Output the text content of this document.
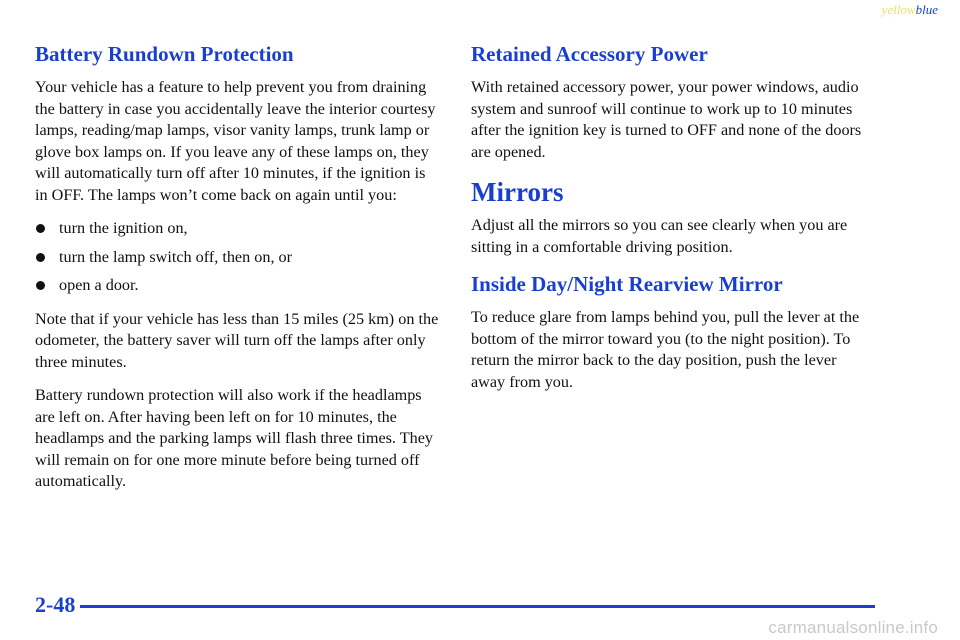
yellowblue
Battery Rundown Protection

Your vehicle has a feature to help prevent you from draining the battery in case you accidentally leave the interior courtesy lamps, reading/map lamps, visor vanity lamps, trunk lamp or glove box lamps on. If you leave any of these lamps on, they will automatically turn off after 10 minutes, if the ignition is in OFF. The lamps won’t come back on again until you:

turn the ignition on,
turn the lamp switch off, then on, or
open a door.

Note that if your vehicle has less than 15 miles (25 km) on the odometer, the battery saver will turn off the lamps after only three minutes.

Battery rundown protection will also work if the headlamps are left on. After having been left on for 10 minutes, the headlamps and the parking lamps will flash three times. They will remain on for one more minute before being turned off automatically.

Retained Accessory Power

With retained accessory power, your power windows, audio system and sunroof will continue to work up to 10 minutes after the ignition key is turned to OFF and none of the doors are opened.

Mirrors

Adjust all the mirrors so you can see clearly when you are sitting in a comfortable driving position.

Inside Day/Night Rearview Mirror

To reduce glare from lamps behind you, pull the lever at the bottom of the mirror toward you (to the night position). To return the mirror back to the day position, push the lever away from you.

2-48
carmanualsonline.info
